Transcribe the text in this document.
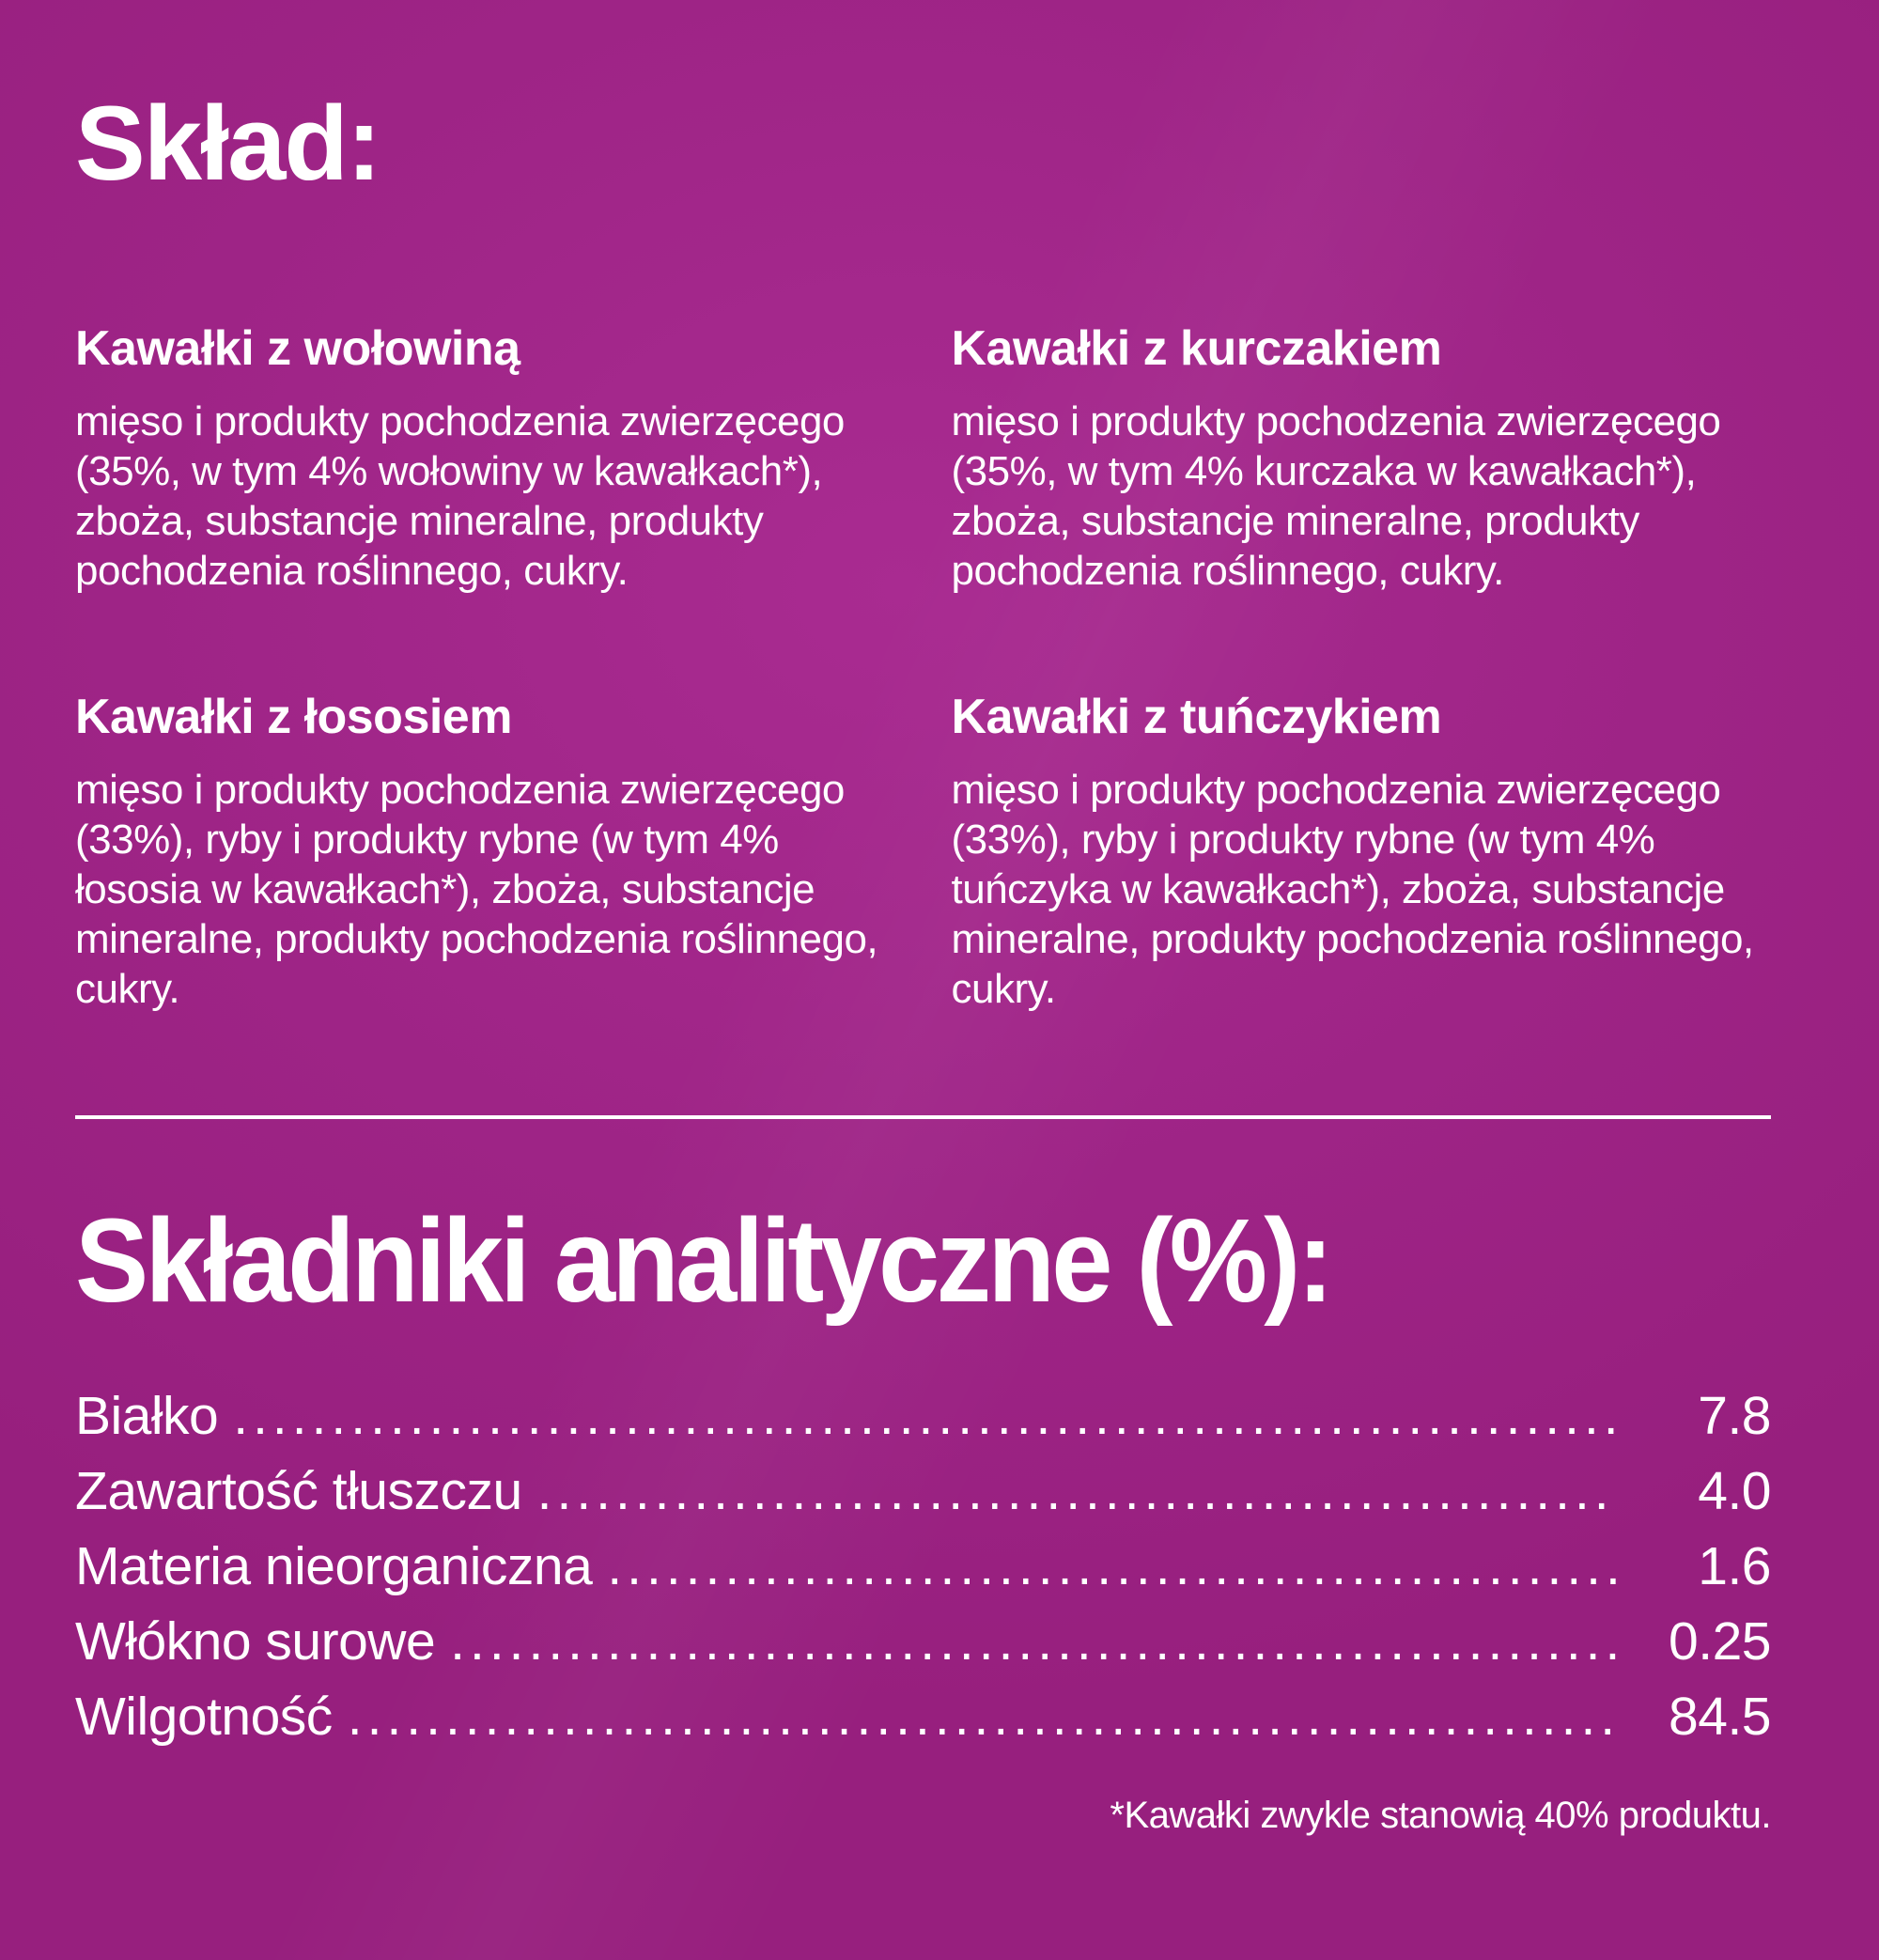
Skład:
Kawałki z wołowiną

mięso i produkty pochodzenia zwierzęcego (35%, w tym 4% wołowiny w kawałkach*), zboża, substancje mineralne, produkty pochodzenia roślinnego, cukry.

Kawałki z kurczakiem

mięso i produkty pochodzenia zwierzęcego (35%, w tym 4% kurczaka w kawałkach*), zboża, substancje mineralne, produkty pochodzenia roślinnego, cukry.

Kawałki z łososiem

mięso i produkty pochodzenia zwierzęcego (33%), ryby i produkty rybne (w tym 4% łososia w kawałkach*), zboża, substancje mineralne, produkty pochodzenia roślinnego, cukry.

Kawałki z tuńczykiem

mięso i produkty pochodzenia zwierzęcego (33%), ryby i produkty rybne (w tym 4% tuńczyka w kawałkach*), zboża, substancje mineralne, produkty pochodzenia roślinnego, cukry.

Składniki analityczne (%):
Białko .....	7.8
Zawartość tłuszczu .....	4.0
Materia nieorganiczna .....	1.6
Włókno surowe .....	0.25
Wilgotność .....	84.5

*Kawałki zwykle stanowią 40% produktu.
